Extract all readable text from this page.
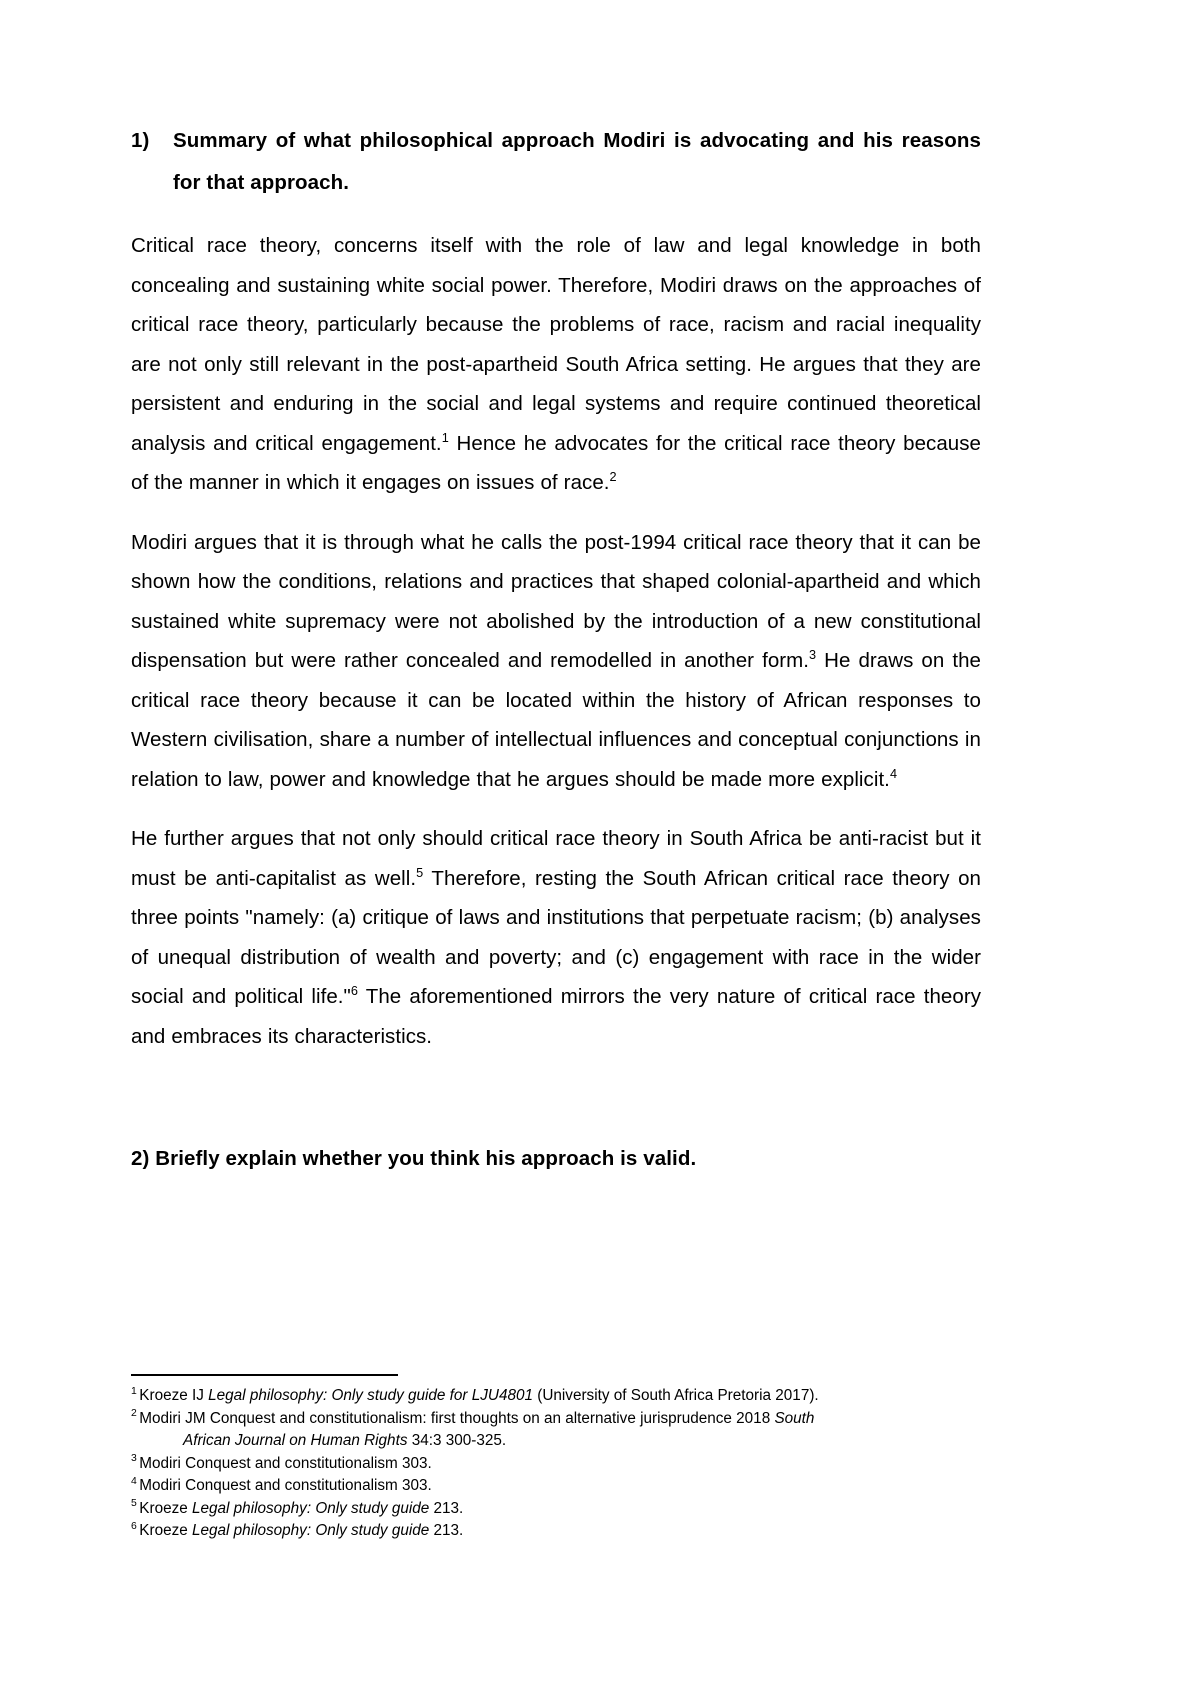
1)	Summary of what philosophical approach Modiri is advocating and his reasons for that approach.

Critical race theory, concerns itself with the role of law and legal knowledge in both concealing and sustaining white social power. Therefore, Modiri draws on the approaches of critical race theory, particularly because the problems of race, racism and racial inequality are not only still relevant in the post-apartheid South Africa setting. He argues that they are persistent and enduring in the social and legal systems and require continued theoretical analysis and critical engagement.$^1$ Hence he advocates for the critical race theory because of the manner in which it engages on issues of race.$^2$

Modiri argues that it is through what he calls the post-1994 critical race theory that it can be shown how the conditions, relations and practices that shaped colonial-apartheid and which sustained white supremacy were not abolished by the introduction of a new constitutional dispensation but were rather concealed and remodelled in another form.$^3$ He draws on the critical race theory because it can be located within the history of African responses to Western civilisation, share a number of intellectual influences and conceptual conjunctions in relation to law, power and knowledge that he argues should be made more explicit.$^4$

He further argues that not only should critical race theory in South Africa be anti-racist but it must be anti-capitalist as well.$^5$ Therefore, resting the South African critical race theory on three points "namely: (a) critique of laws and institutions that perpetuate racism; (b) analyses of unequal distribution of wealth and poverty; and (c) engagement with race in the wider social and political life."$^6$ The aforementioned mirrors the very nature of critical race theory and embraces its characteristics.

2) Briefly explain whether you think his approach is valid.
$^1$ Kroeze IJ Legal philosophy: Only study guide for LJU4801 (University of South Africa Pretoria 2017).
$^2$ Modiri JM Conquest and constitutionalism: first thoughts on an alternative jurisprudence 2018 South
African Journal on Human Rights 34:3 300-325.
$^3$ Modiri Conquest and constitutionalism 303.
$^4$ Modiri Conquest and constitutionalism 303.
$^5$ Kroeze Legal philosophy: Only study guide 213.
$^6$ Kroeze Legal philosophy: Only study guide 213.
